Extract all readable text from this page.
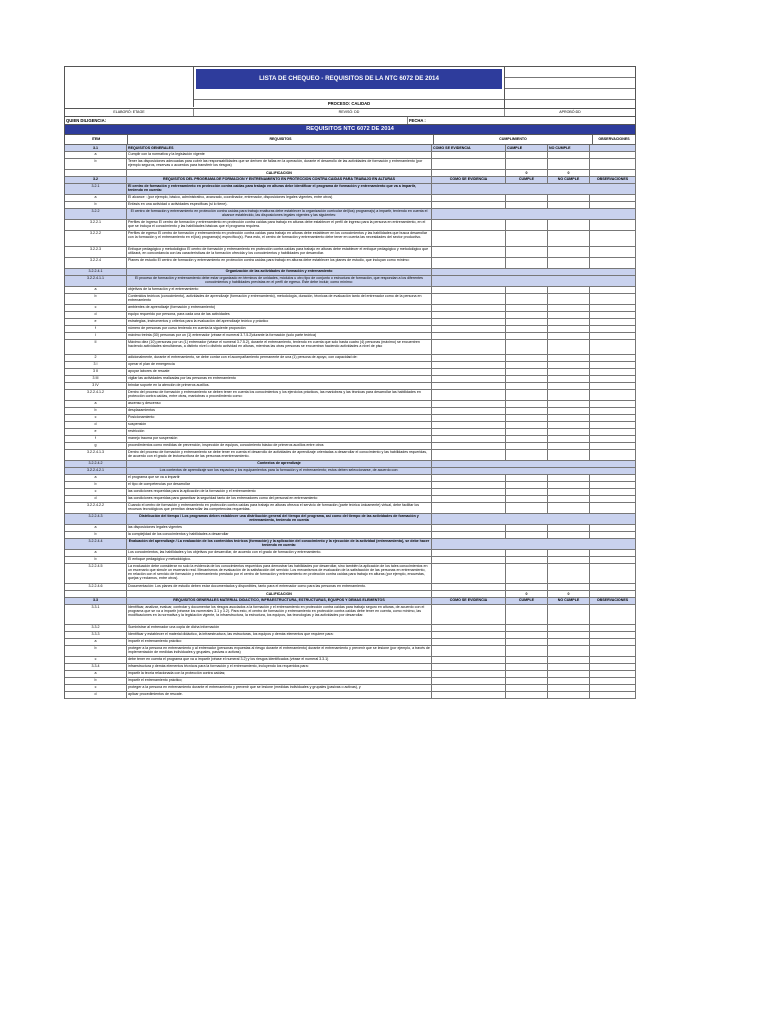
LISTA DE CHEQUEO - REQUISITOS DE LA NTC 6072 DE 2014
PROCESO: CALIDAD
ELABORÓ: ETAGE	REVISÓ: DD	APROBÓ:DD
QUIEN DILIGENCIA:	FECHA :
REQUISITOS NTC 6072 DE 2014
ITEM	REQUISITOS	CUMPLIMIENTO	OBSERVACIONES
3.1	REQUISITOS GENERALES	COMO SE EVIDENCIA	CUMPLE	NO CUMPLE
a	Cumplir con la normativa y la legislación vigente
b	Tener las disposiciones adecuadas para cubrir las responsabilidades que se deriven de fallas en la operación, durante el desarrollo de las actividades de formación y entrenamiento (por ejemplo seguros, reservas o acuerdos para transferir los riesgos)
CALIFICACION	0	0
3.2	REQUISITOS DEL PROGRAMA DE FORMACION Y ENTRENAMIENTO EN PROTECCION CONTRA CAIDAS PARA TRABAJO EN ALTURAS	COMO SE EVIDENCIA	CUMPLE	NO CUMPLE	OBSERVACIONES
3.2.1	El centro de formación y entrenamiento en protección contra caídas para trabajo en alturas debe identificar el programa de formación y entrenamiento que va a impartir, teniendo en cuenta:
a	El alcance : (por ejemplo, básico, administrativo, avanzado, coordinador, entrenador, disposiciones legales vigentes, entre otros)
b	Enfasis en una actividad o actividades específicas (si lo tiene).
3.2.2	El centro de formación y entrenamiento en protección contra caídas para trabajo enalturas debe establecer la organización curricular del(los) programa(s) a impartir, teniendo en cuenta el alcance establecido, las disposiciones legales vigentes y las siguientes:
3.2.2.1	Perfiles de ingreso El centro de formación y entrenamiento en protección contra caídas para trabajo en alturas debe establecer el perfil de ingreso para la persona en entrenamiento, en el que se incluya el conocimiento y las habilidades básicas que el programa requiera.
3.2.2.2	Perfiles de egreso El centro de formación y entrenamiento en protección contra caídas para trabajo en alturas debe establecer en los conocimientos y las habilidades que busca desarrollar con la formación y el entrenamiento en el(los) programa(s) específico(s). Para esto, el centro de formación y entrenamiento debe tener en cuenta las necesidades del sector productivo.
3.2.2.3	Enfoque pedagógico y metodológico El centro de formación y entrenamiento en protección contra caídas para trabajo en alturas debe establecer el enfoque pedagógico y metodológico que utilizará, en concordancia con las características de la formación ofrecida y los conocimientos y habilidades por desarrollar.
3.2.2.4	Planes de estudio El centro de formación y entrenamiento en protección contra caídas para trabajo en alturas debe establecer los planes de estudio, que incluyan como mínimo:
3.2.2.4.1	Organización de las actividades de formación y entrenamiento
3.2.2.4.1.1	El proceso de formación y entrenamiento debe estar organizado en términos de unidades, módulos u otro tipo de conjunto o estructura de formación, que respondan a los diferentes conocimientos y habilidades previstas en el perfil de egreso. Éste debe incluir, como mínimo:
a	objetivos de la formación y el entrenamiento
b	Contenidos teóricos (conocimiento), actividades de aprendizaje (formación y entrenamiento), metodología, duración, técnicas de evaluación tanto del entrenador como de la persona en entrenamiento
c	ambientes de aprendizaje (formación y entrenamiento)
d	equipo requerido por persona, para cada una de las actividades
e	estrategias, instrumentos y criterios para la evaluación del aprendizaje teórico y práctico
f	número de personas por curso teniendo en cuenta la siguiente proporción
I	máximo treinta (30) personas por un (1) entrenador (véase el numeral 3.7.5.2)durante la formación (solo parte teórica)
II	Máximo diez (10) personas por un (1) entrenador (véase el numeral 3.7.5.2), durante el entrenamiento, teniendo en cuenta que solo hasta cuatro (4) personas (máximo) se encuentren haciendo actividades simultáneas, a distinto nivel o distinto actividad en alturas, mientras las otras personas se encuentran haciendo actividades a nivel de piso
2	adicionalmente, durante el entrenamiento, se debe contar con el acompañamiento permanente de una (1) persona de apoyo, con capacidad de:
3 I	operar el plan de emergencia
3 II	apoyar labores de rescate
3 III	vigilar las actividades realizadas por las personas en entrenamiento
3 IV	brindar soporte en la atención de primeros auxilios.
3.2.2.4.1.2	Dentro del proceso de formación y entrenamiento se deben tener en cuenta los conocimientos y los ejercicios prácticos, las maniobras y las técnicas para desarrollar las habilidades en protección contra caídas, entre otras, maniobras o procedimiento como:
a	ascenso y descenso
b	desplazamientos
c	Posicionamiento
d	suspensión
e	restricción
f	manejo trauma por suspensión
g	procedimientos como medidas de prevención, inspección de equipos, conocimiento básico de primeros auxilios entre otros
3.2.2.4.1.3	Dentro del proceso de formación y entrenamiento se debe tener en cuenta el desarrollo de actividades de aprendizaje orientadas a desarrollar el conocimiento y las habilidades requeridas, de acuerdo con el grado de lectoescritura de las personas enentrenamiento.
3.2.2.4.2	Contextos de aprendizaje
3.2.2.4.2.1	Los contextos de aprendizaje son los espacios y los equipamientos para la formación y el entrenamiento; estos deben seleccionarse, de acuerdo con:
a	el programa que se va a impartir
b	el tipo de competencias por desarrollar
c	las condiciones requeridas para la aplicación de la formación y el entrenamiento
d	las condiciones requeridas para garantizar la seguridad tanto de los entrenadores como del personal en entrenamiento
3.2.2.4.2.2	Cuando el centro de formación y entrenamiento en protección contra caídas para trabajo en alturas ofrezca el servicio de formación (parte teórica únicamente) virtual, debe facilitar los recursos tecnológicos que permitan desarrollar las competencias requeridas.
3.2.2.4.3	Distribución del tiempo / Los programas deben establecer una distribución general del tiempo del programa, así como del tiempo de las actividades de formación y entrenamiento, teniendo en cuenta
a	las disposiciones legales vigentes
b	la complejidad de los conocimientos y habilidades a desarrollar
3.2.2.4.4	Evaluación del aprendizaje / La evaluación de los contenidos teóricos (formación) y la aplicación del conocimiento y la ejecución de la actividad (entrenamiento), se debe hacer teniendo en cuenta:
a	Los conocimientos, las habilidades y los objetivos por desarrollar, de acuerdo con el grado de formación y entrenamiento.
b	El enfoque pedagógico y metodológico.
3.2.2.4.5	La evaluación debe considerar no solo la evidencia de los conocimientos requeridos para demostrar las habilidades por desarrollar, sino también la aplicación de los tales conocimientos en un escenario que simule un escenario real. Mecanismos de evaluación de la satisfacción del servicio: Los mecanismos de evaluación de la satisfacción de las personas en entrenamiento, en relación con el servicio de formación y entrenamiento prestado por el centro de formación y entrenamiento en protección contra caídas para trabajo en alturas (por ejemplo, encuestas, quejas y reclamos, entre otros).
3.2.2.4.6	Documentación: Los planes de estudio deben estar documentados y disponibles, tanto para el entrenador como para las personas en entrenamiento.
CALIFICACION	0	0
3.3	REQUISITOS GENERALES MATERIAL DIDACTICO, INFRAESTRUCTURA, ESTRUCTURAS, EQUIPOS Y DEMAS ELEMENTOS	COMO SE EVIDENCIA	CUMPLE	NO CUMPLE	OBSERVACIONES
3.3.1	Identificar, analizar, evaluar, controlar y documentar los riesgos asociados a la formación y el entrenamiento en protección contra caídas para trabajo seguro en alturas, de acuerdo con el programa que se va a impartir (véanse los numerales 3.1 y 3.2). Para esto, el centro de formación y entrenamiento en protección contra caídas debe tener en cuenta, como mínimo, las modificaciones en la normativa y la legislación vigente, la infraestructura, la estructura, los equipos, las tecnologías y las actividades por desarrollar.
3.3.2	Suministrar al entrenador una copia de dicha información
3.3.3	Identificar y establecer el material didáctico, la infraestructura, las estructuras, los equipos y demás elementos que requiere para:
a	impartir el entrenamiento práctico
b	proteger a la persona en entrenamiento y al entrenador (personas expuestas al riesgo durante el entrenamiento) durante el entrenamiento y prevenir que se lesione (por ejemplo, a través de implementación de medidas individuales y grupales, pasivas o activas)
c	debe tener en cuenta el programa que va a impartir (véase el numeral 3.2) y los riesgos identificados (véase el numeral 3.3.1)
3.3.4	infraestructura y demás elementos técnicos para la formación y el entrenamiento, incluyendo los requeridos para:
a	impartir la teoría relacionada con la protección contra caídas;
b	impartir el entrenamiento práctico;
c	proteger a la persona en entrenamiento durante el entrenamiento y prevenir que se lesione (medidas individuales y grupales (pasivas o activas), y
d	aplicar procedimientos de rescate.
